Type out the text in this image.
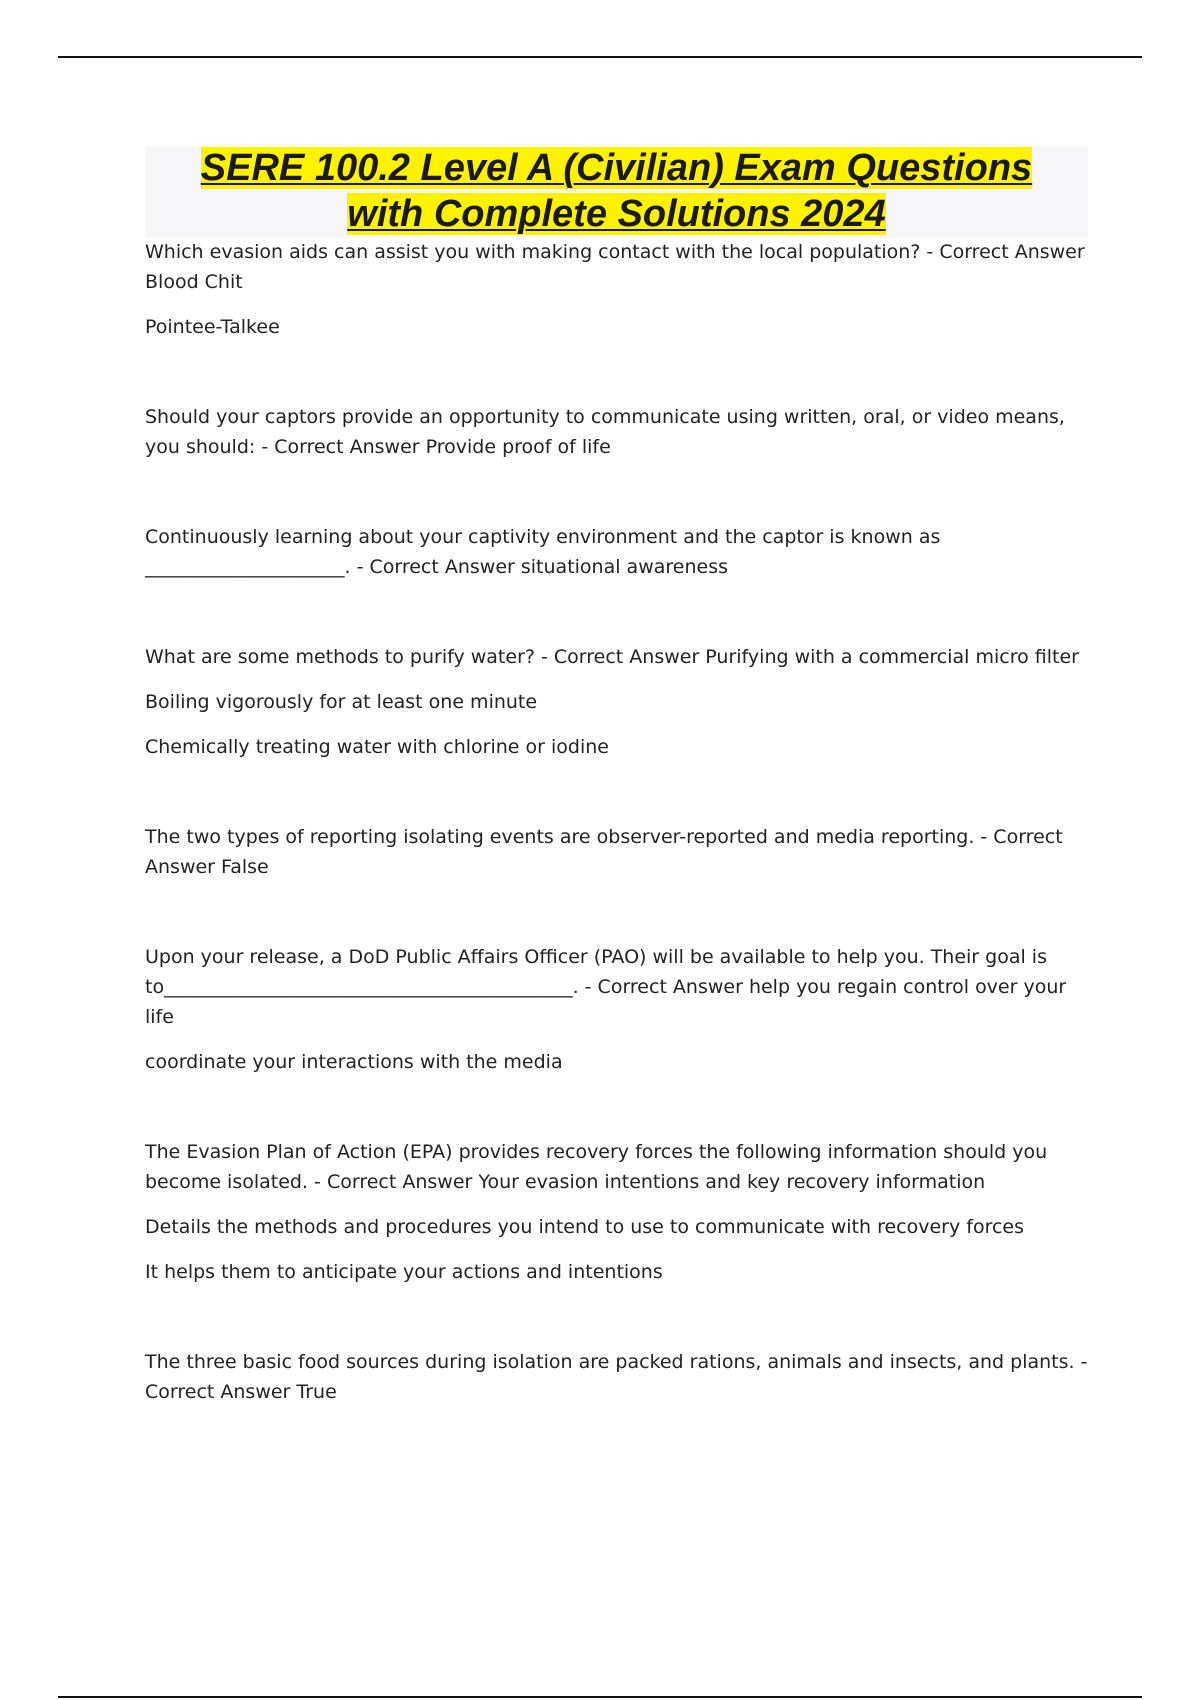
SERE 100.2 Level A (Civilian) Exam Questions
with Complete Solutions 2024

Which evasion aids can assist you with making contact with the local population? - Correct Answer Blood Chit

Pointee-Talkee

Should your captors provide an opportunity to communicate using written, oral, or video means, you should: - Correct Answer Provide proof of life

Continuously learning about your captivity environment and the captor is known as _____________________. - Correct Answer situational awareness

What are some methods to purify water? - Correct Answer Purifying with a commercial micro filter

Boiling vigorously for at least one minute

Chemically treating water with chlorine or iodine

The two types of reporting isolating events are observer-reported and media reporting. - Correct Answer False

Upon your release, a DoD Public Affairs Officer (PAO) will be available to help you. Their goal is to___________________________________________. - Correct Answer help you regain control over your life

coordinate your interactions with the media

The Evasion Plan of Action (EPA) provides recovery forces the following information should you become isolated. - Correct Answer Your evasion intentions and key recovery information

Details the methods and procedures you intend to use to communicate with recovery forces

It helps them to anticipate your actions and intentions

The three basic food sources during isolation are packed rations, animals and insects, and plants. - Correct Answer True
